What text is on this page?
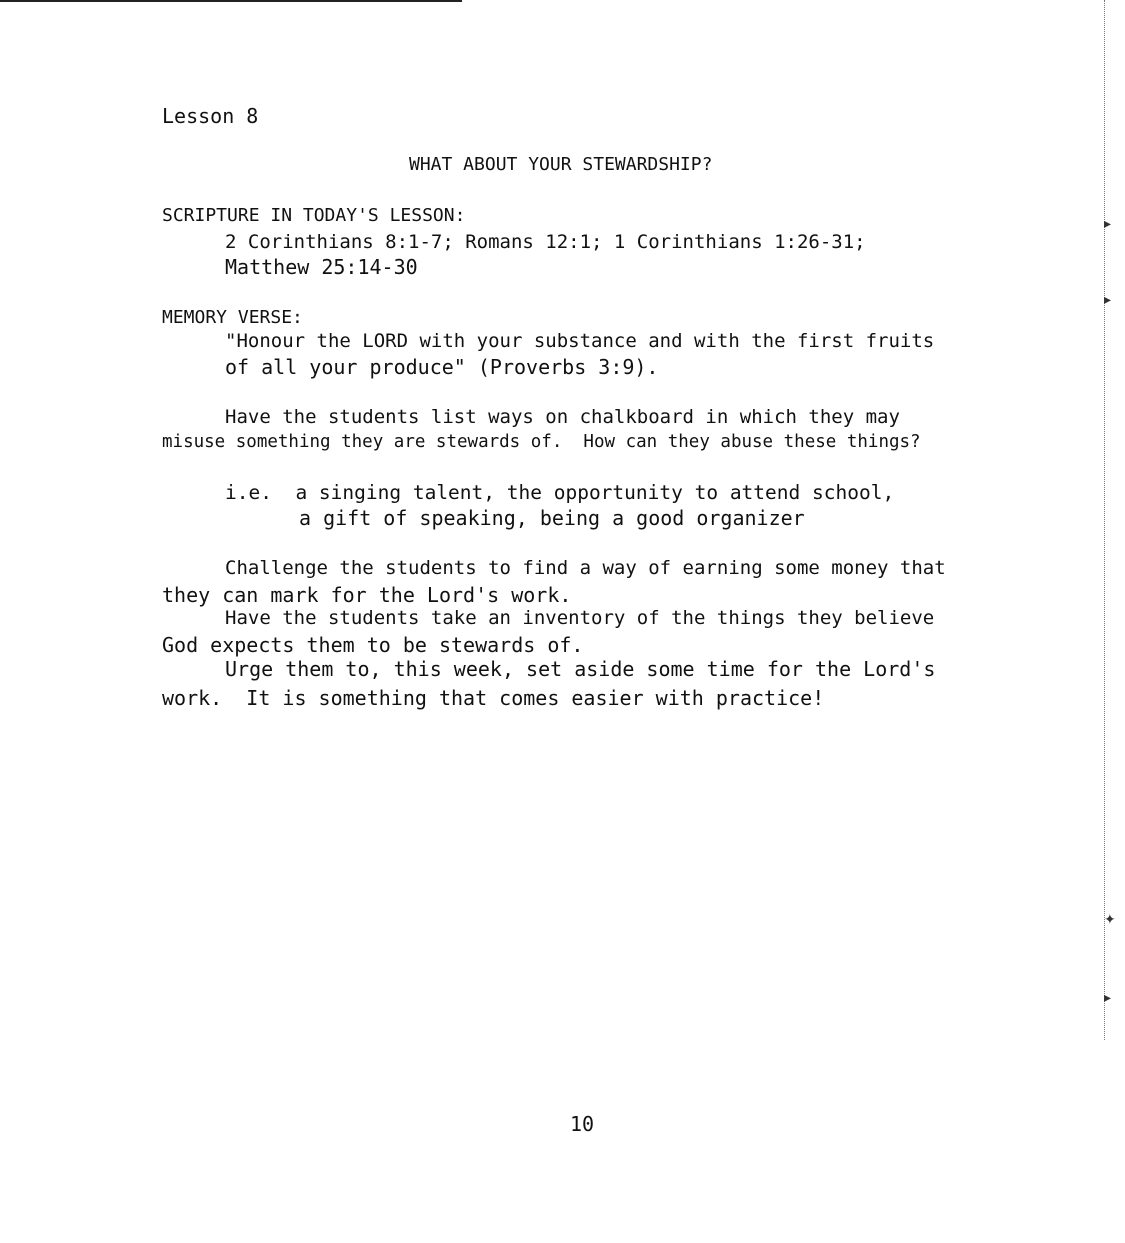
Lesson 8
WHAT ABOUT YOUR STEWARDSHIP?
SCRIPTURE IN TODAY'S LESSON:
2 Corinthians 8:1-7; Romans 12:1; 1 Corinthians 1:26-31;
Matthew 25:14-30
MEMORY VERSE:
"Honour the LORD with your substance and with the first fruits
of all your produce" (Proverbs 3:9).
Have the students list ways on chalkboard in which they may
misuse something they are stewards of.  How can they abuse these things?
i.e.  a singing talent, the opportunity to attend school,
a gift of speaking, being a good organizer
Challenge the students to find a way of earning some money that
they can mark for the Lord's work.
Have the students take an inventory of the things they believe
God expects them to be stewards of.
Urge them to, this week, set aside some time for the Lord's
work.  It is something that comes easier with practice!
10
▸
▸
✦
▸
